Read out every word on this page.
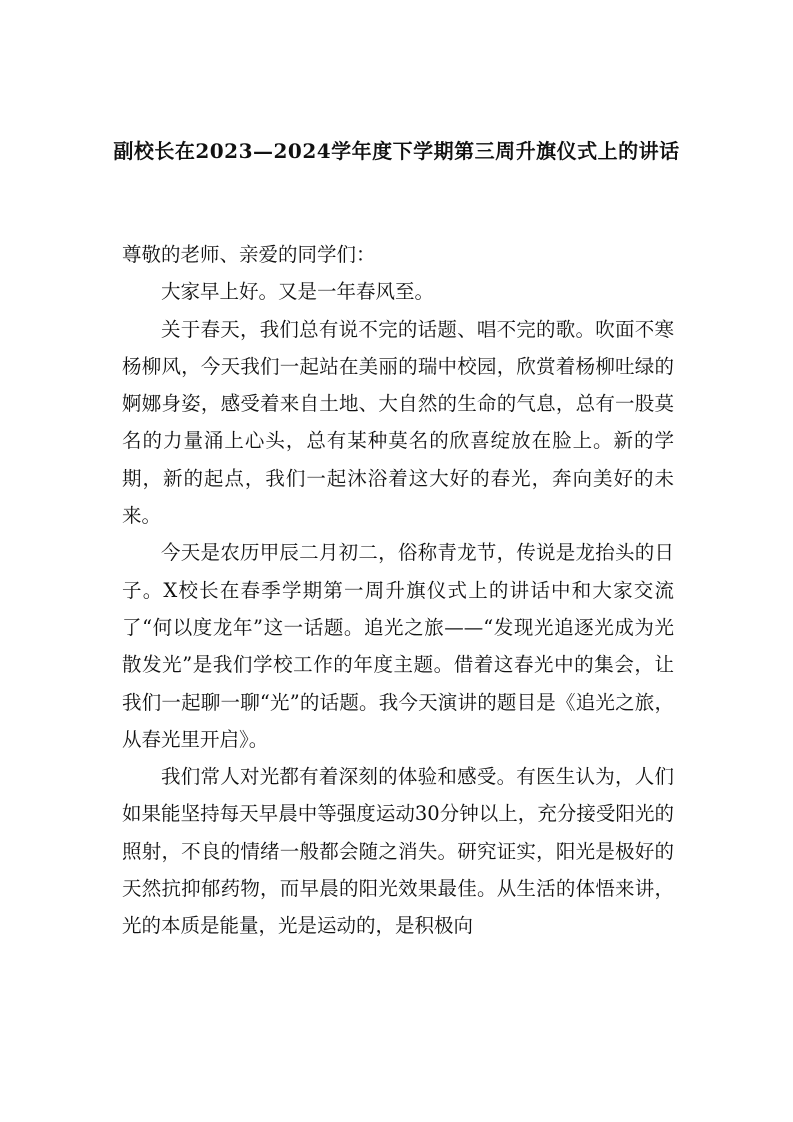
副校长在2023—2024学年度下学期第三周升旗仪式上的讲话

尊敬的老师、亲爱的同学们：

大家早上好。又是一年春风至。

关于春天，我们总有说不完的话题、唱不完的歌。吹面不寒杨柳风，今天我们一起站在美丽的瑞中校园，欣赏着杨柳吐绿的婀娜身姿，感受着来自土地、大自然的生命的气息，总有一股莫名的力量涌上心头，总有某种莫名的欣喜绽放在脸上。新的学期，新的起点，我们一起沐浴着这大好的春光，奔向美好的未来。

今天是农历甲辰二月初二，俗称青龙节，传说是龙抬头的日子。X校长在春季学期第一周升旗仪式上的讲话中和大家交流了“何以度龙年”这一话题。追光之旅——“发现光追逐光成为光散发光”是我们学校工作的年度主题。借着这春光中的集会，让我们一起聊一聊“光”的话题。我今天演讲的题目是《追光之旅，从春光里开启》。

我们常人对光都有着深刻的体验和感受。有医生认为，人们如果能坚持每天早晨中等强度运动30分钟以上，充分接受阳光的照射，不良的情绪一般都会随之消失。研究证实，阳光是极好的天然抗抑郁药物，而早晨的阳光效果最佳。从生活的体悟来讲，光的本质是能量，光是运动的，是积极向
